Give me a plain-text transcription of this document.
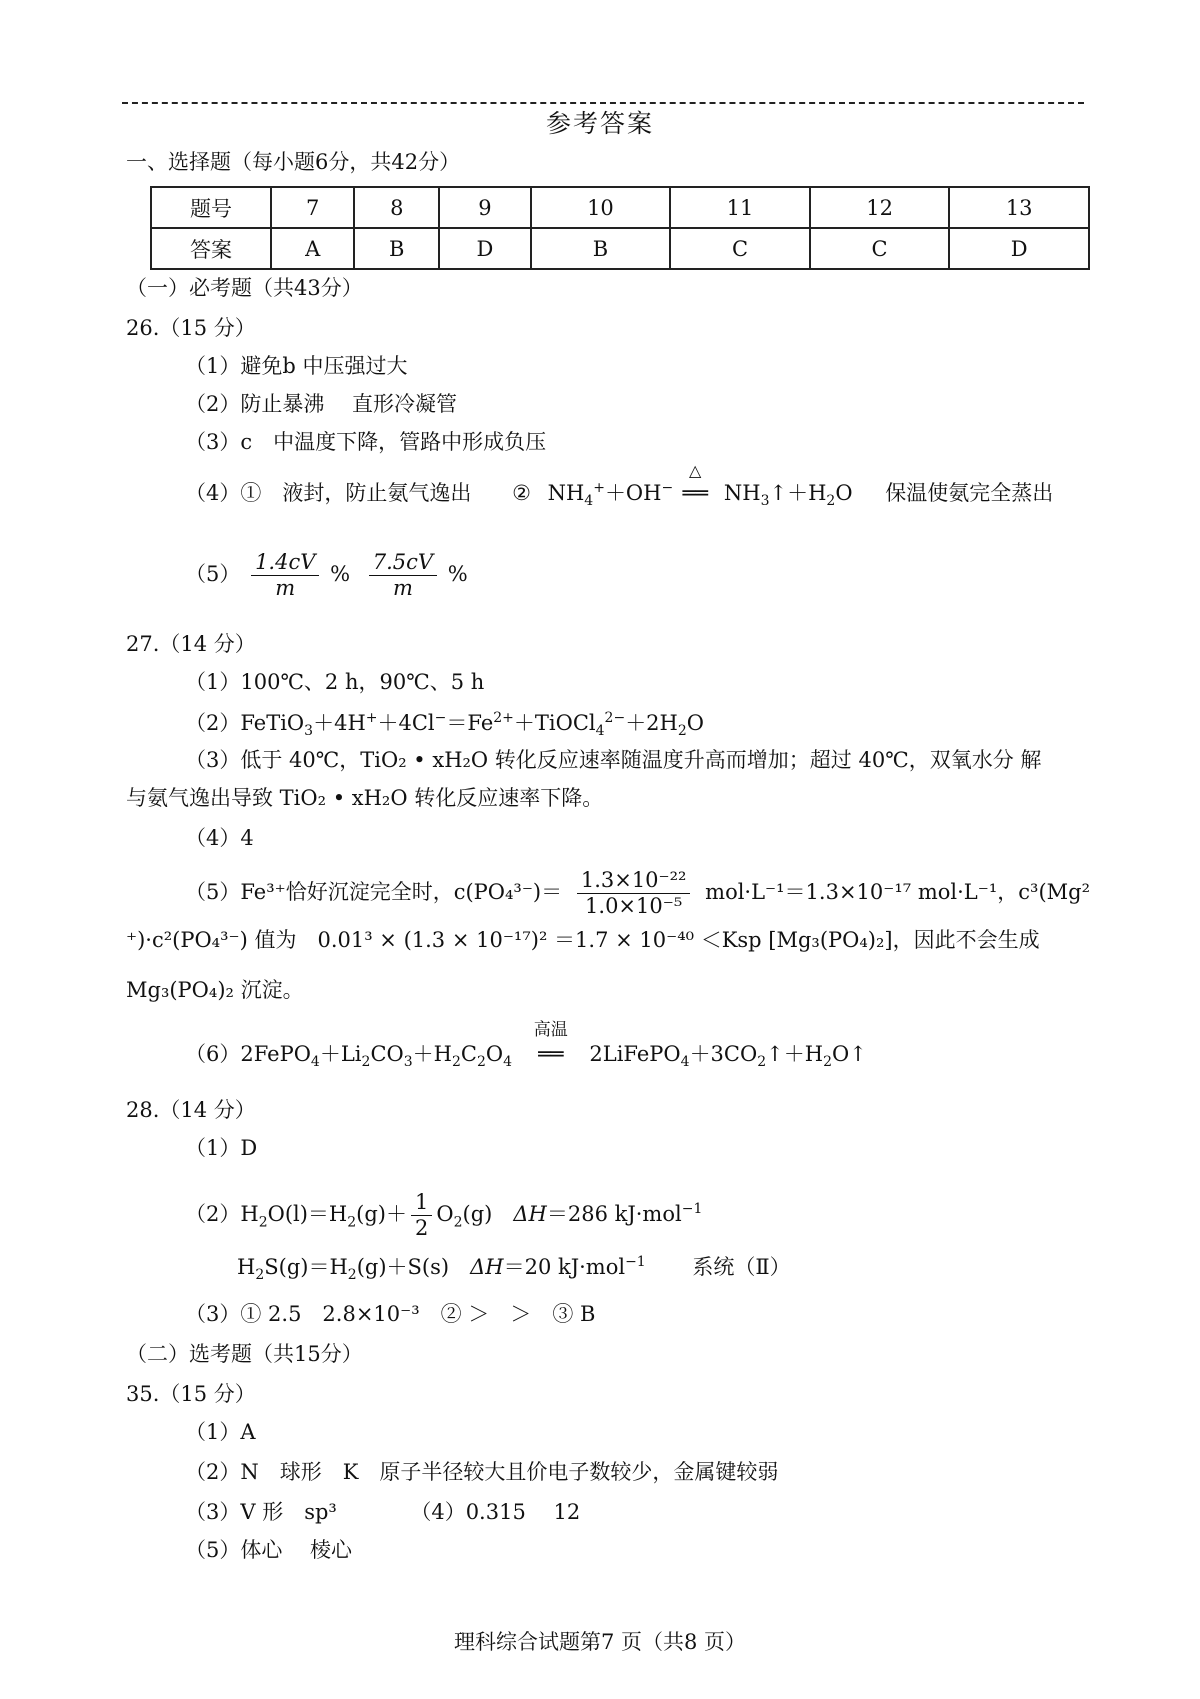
参考答案
一、选择题（每小题6分，共42分）
题号	7	8	9	10	11	12	13
答案	A	B	D	B	C	C	D
（一）必考题（共43分）
26.（15 分）
（1）避免b 中压强过大
（2）防止暴沸　 直形冷凝管
（3）c　中温度下降，管路中形成负压
（4）①　液封，防止氨气逸出 ② $NH_4^++OH^-$
△
══ $NH_3↑+H_2O$ 保温使氨完全蒸出
$(5) \frac{1.4cV}{m}$ % $\frac{7.5cV}{m}$ %
27.（14 分）
（1）100℃、2 h，90℃、5 h
$(2)FeTiO_3+4H^++4Cl^-=Fe^{2+}+TiOCl_4^{2-}+2H_2O$
（3）低于 40℃，TiO₂ • xH₂O 转化反应速率随温度升高而增加；超过 40℃，双氧水分 解
与氨气逸出导致 TiO₂ • xH₂O 转化反应速率下降。
（4）4
（5）Fe³⁺恰好沉淀完全时，$c(PO_4^{3-})= \frac{\text{1.3×10⁻²²}}{\text{1.0×10⁻⁵}} mol\cdot L^{-1}=1.3\times 10^{-17}$ mol·L⁻¹，c³(Mg²
⁺)·c²(PO₄³⁻) 值为　0.01³ × (1.3 × 10⁻¹⁷)² ＝1.7 × 10⁻⁴⁰ ＜Ksp [Mg₃(PO₄)₂]，因此不会生成
Mg₃(PO₄)₂ 沉淀。
$(6)2FePO_4+Li_2CO_3+H_2C_2O_4$
高温
══ $2LiFePO_4+3CO_2↑+H_2O↑$
28.（14 分）
（1）D
$(2)H_2O(l)=H_2(g)+ \frac{1}{2} O_2(g)$　ΔH＝286 kJ·mol$^{-1}$
$H_2S(g)=H_2(g)+S(s)$　ΔH＝20 kJ·mol$^{-1}$ 系统（Ⅱ）
（3）① 2.5　2.8×10⁻³　② ＞　＞　③ B
（二）选考题（共15分）
35.（15 分）
（1）A
（2）N　球形　K　原子半径较大且价电子数较少，金属键较弱
（3）V 形　sp³　　　　（4）0.315　 12
（5）体心　 棱心
理科综合试题第7 页（共8 页）
